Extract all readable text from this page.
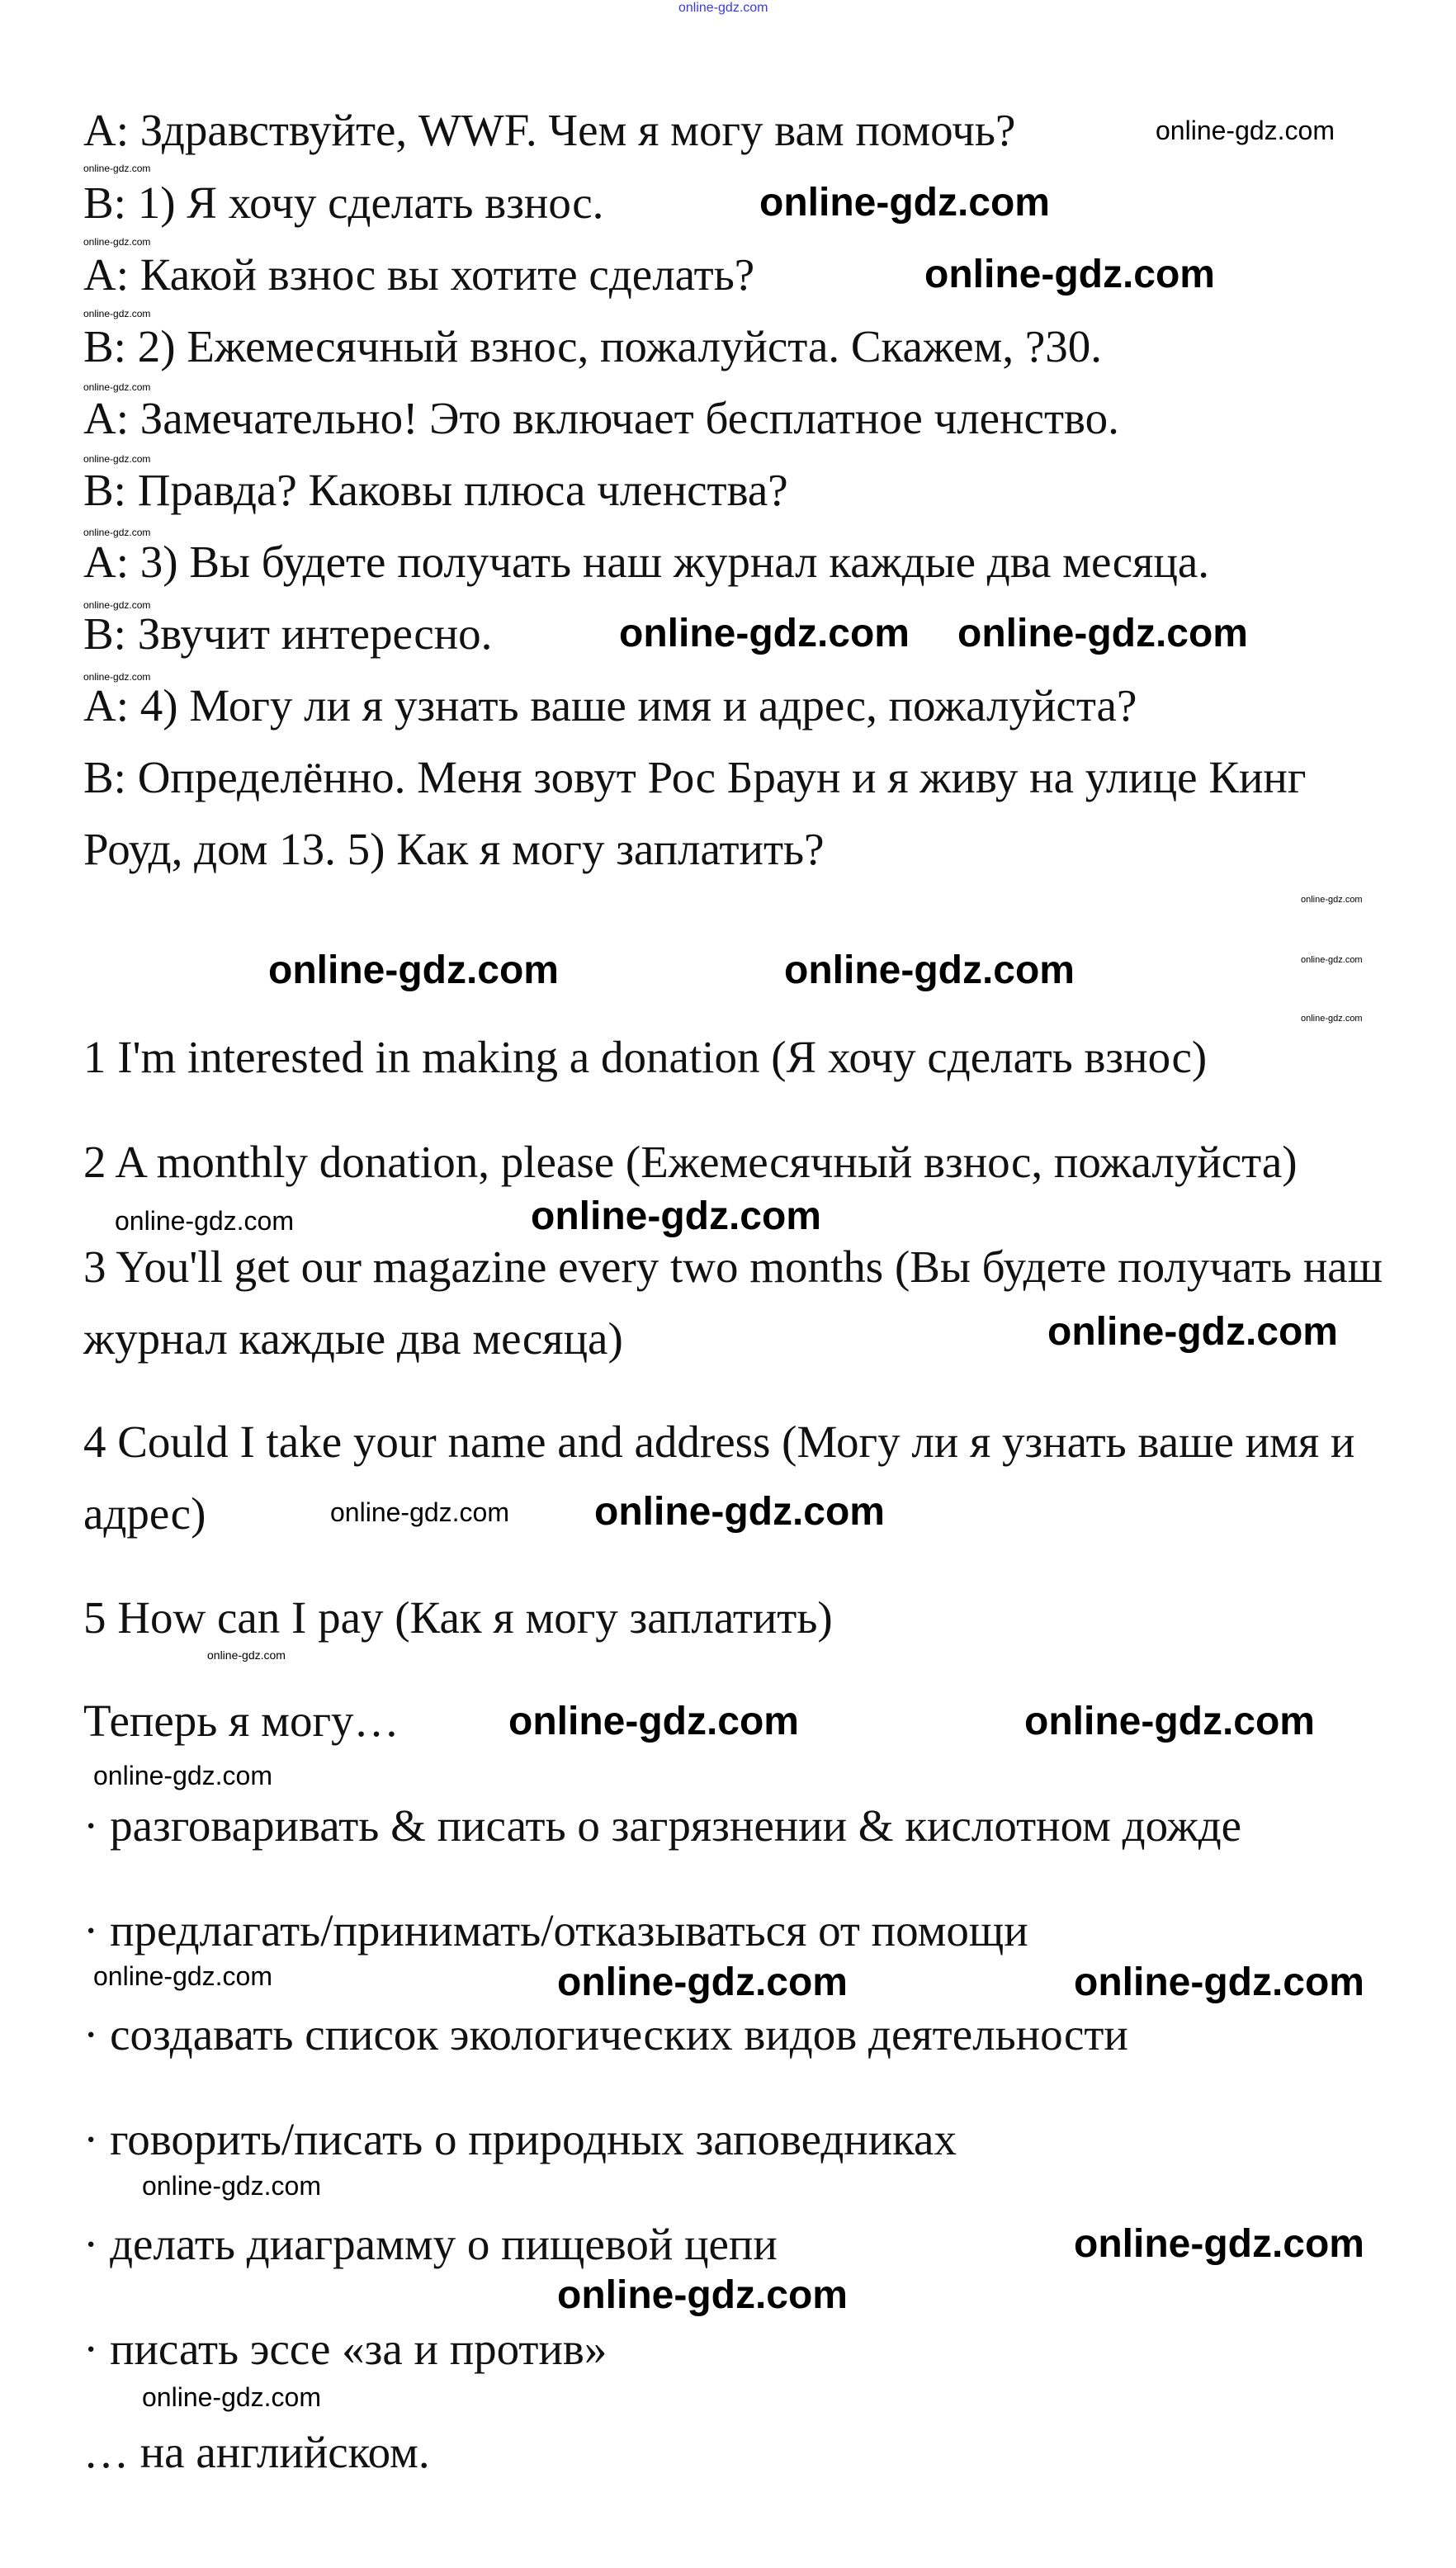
online-gdz.com
A: Здравствуйте, WWF. Чем я могу вам помочь?
B: 1) Я хочу сделать взнос.
A: Какой взнос вы хотите сделать?
B: 2) Ежемесячный взнос, пожалуйста. Скажем, ?30.
A: Замечательно! Это включает бесплатное членство.
B: Правда? Каковы плюса членства?
A: 3) Вы будете получать наш журнал каждые два месяца.
B: Звучит интересно.
A: 4) Могу ли я узнать ваше имя и адрес, пожалуйста?
B: Определённо. Меня зовут Рос Браун и я живу на улице Кинг
Роуд, дом 13. 5) Как я могу заплатить?
1 I'm interested in making a donation (Я хочу сделать взнос)
2 A monthly donation, please (Ежемесячный взнос, пожалуйста)
3 You'll get our magazine every two months (Вы будете получать наш
журнал каждые два месяца)
4 Could I take your name and address (Могу ли я узнать ваше имя и
адрес)
5 How can I pay (Как я могу заплатить)
Теперь я могу…
· разговаривать & писать о загрязнении & кислотном дожде
· предлагать/принимать/отказываться от помощи
· создавать список экологических видов деятельности
· говорить/писать о природных заповедниках
· делать диаграмму о пищевой цепи
· писать эссе «за и против»
… на английском.
online-gdz.com
online-gdz.com
online-gdz.com
online-gdz.com
online-gdz.com
online-gdz.com
online-gdz.com
online-gdz.com
online-gdz.com
online-gdz.com
online-gdz.com
online-gdz.com online-gdz.com
online-gdz.com
online-gdz.com
online-gdz.com
online-gdz.com	online-gdz.com
online-gdz.com	online-gdz.com
online-gdz.com
online-gdz.com online-gdz.com
online-gdz.com
online-gdz.com	online-gdz.com
online-gdz.com
online-gdz.com	online-gdz.com	online-gdz.com
online-gdz.com
online-gdz.com
online-gdz.com
online-gdz.com
